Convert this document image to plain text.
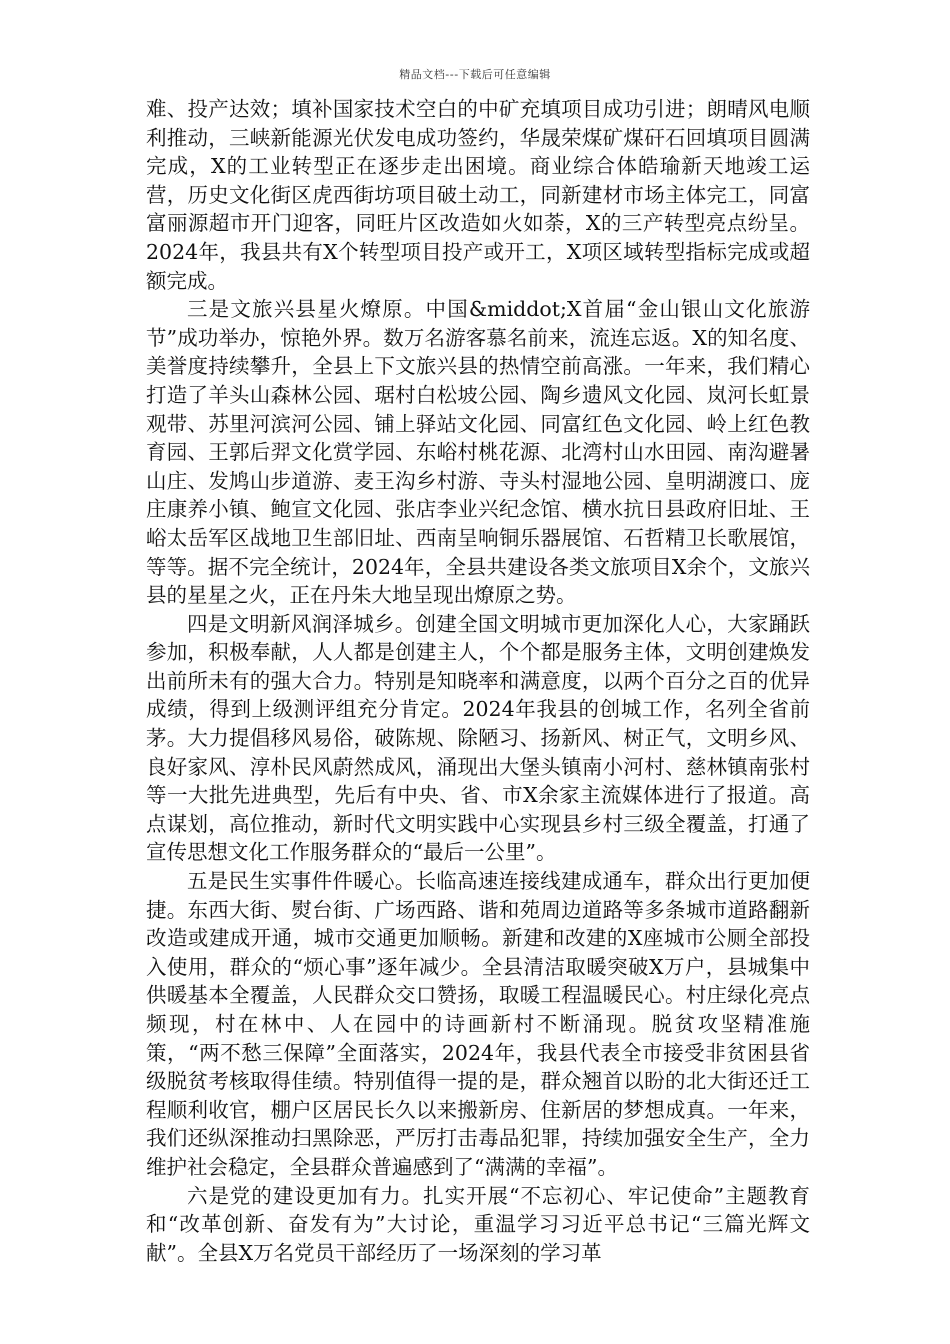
精品文档---下载后可任意编辑

难、投产达效；填补国家技术空白的中矿充填项目成功引进；朗晴风电顺利推动，三峡新能源光伏发电成功签约，华晟荣煤矿煤矸石回填项目圆满完成，X的工业转型正在逐步走出困境。商业综合体皓瑜新天地竣工运营，历史文化街区虎西街坊项目破土动工，同新建材市场主体完工，同富富丽源超市开门迎客，同旺片区改造如火如荼，X的三产转型亮点纷呈。2024年，我县共有X个转型项目投产或开工，X项区域转型指标完成或超额完成。

三是文旅兴县星火燎原。中国&middot;X首届“金山银山文化旅游节”成功举办，惊艳外界。数万名游客慕名前来，流连忘返。X的知名度、美誉度持续攀升，全县上下文旅兴县的热情空前高涨。一年来，我们精心打造了羊头山森林公园、琚村白松坡公园、陶乡遗风文化园、岚河长虹景观带、苏里河滨河公园、铺上驿站文化园、同富红色文化园、岭上红色教育园、王郭后羿文化赏学园、东峪村桃花源、北湾村山水田园、南沟避暑山庄、发鸠山步道游、麦王沟乡村游、寺头村湿地公园、皇明湖渡口、庞庄康养小镇、鲍宣文化园、张店李业兴纪念馆、横水抗日县政府旧址、王峪太岳军区战地卫生部旧址、西南呈响铜乐器展馆、石哲精卫长歌展馆，等等。据不完全统计，2024年，全县共建设各类文旅项目X余个，文旅兴县的星星之火，正在丹朱大地呈现出燎原之势。

四是文明新风润泽城乡。创建全国文明城市更加深化人心，大家踊跃参加，积极奉献，人人都是创建主人，个个都是服务主体，文明创建焕发出前所未有的强大合力。特别是知晓率和满意度，以两个百分之百的优异成绩，得到上级测评组充分肯定。2024年我县的创城工作，名列全省前茅。大力提倡移风易俗，破陈规、除陋习、扬新风、树正气，文明乡风、良好家风、淳朴民风蔚然成风，涌现出大堡头镇南小河村、慈林镇南张村等一大批先进典型，先后有中央、省、市X余家主流媒体进行了报道。高点谋划，高位推动，新时代文明实践中心实现县乡村三级全覆盖，打通了宣传思想文化工作服务群众的“最后一公里”。

五是民生实事件件暖心。长临高速连接线建成通车，群众出行更加便捷。东西大街、熨台街、广场西路、谐和苑周边道路等多条城市道路翻新改造或建成开通，城市交通更加顺畅。新建和改建的X座城市公厕全部投入使用，群众的“烦心事”逐年减少。全县清洁取暖突破X万户，县城集中供暖基本全覆盖，人民群众交口赞扬，取暖工程温暖民心。村庄绿化亮点频现，村在林中、人在园中的诗画新村不断涌现。脱贫攻坚精准施策，“两不愁三保障”全面落实，2024年，我县代表全市接受非贫困县省级脱贫考核取得佳绩。特别值得一提的是，群众翘首以盼的北大街还迁工程顺利收官，棚户区居民长久以来搬新房、住新居的梦想成真。一年来，我们还纵深推动扫黑除恶，严厉打击毒品犯罪，持续加强安全生产，全力维护社会稳定，全县群众普遍感到了“满满的幸福”。

六是党的建设更加有力。扎实开展“不忘初心、牢记使命”主题教育和“改革创新、奋发有为”大讨论，重温学习习近平总书记“三篇光辉文献”。全县X万名党员干部经历了一场深刻的学习革
